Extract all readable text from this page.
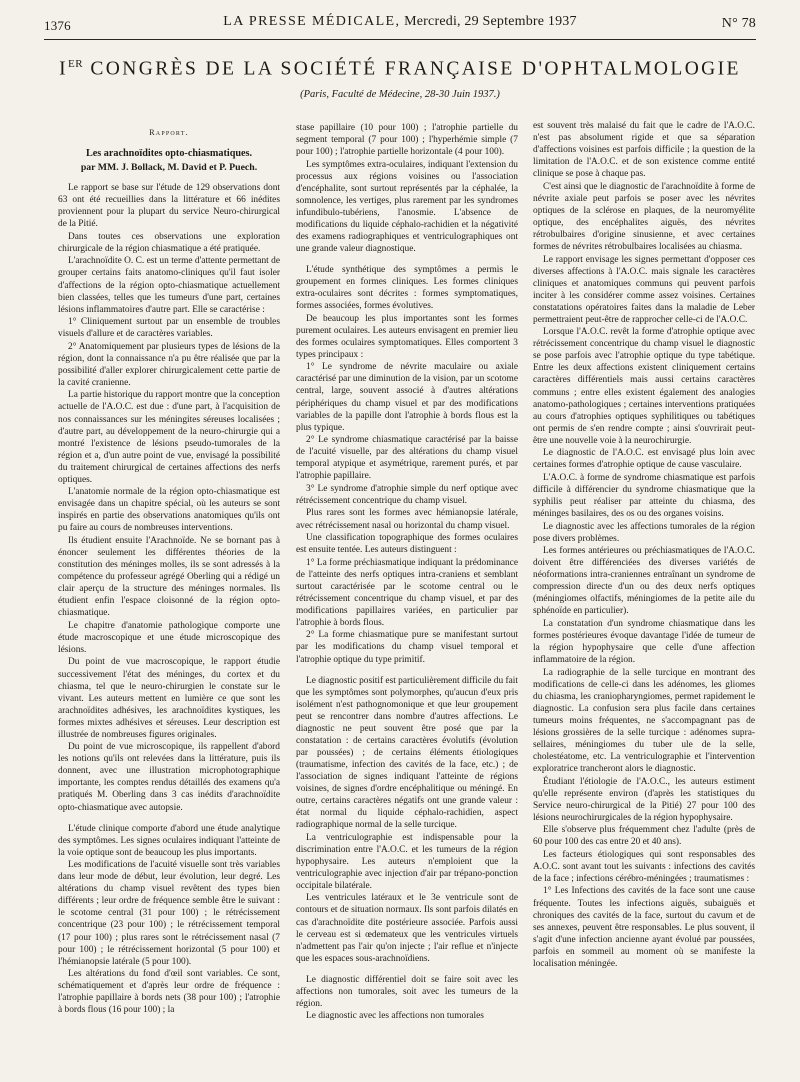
1376	LA PRESSE MÉDICALE, Mercredi, 29 Septembre 1937	N° 78
IER CONGRÈS DE LA SOCIÉTÉ FRANÇAISE D'OPHTALMOLOGIE
(Paris, Faculté de Médecine, 28-30 Juin 1937.)

Rapport.

Les arachnoïdites opto-chiasmatiques.

par MM. J. Bollack, M. David et P. Puech.

Le rapport se base sur l'étude de 129 observations dont 63 ont été recueillies dans la littérature et 66 inédites proviennent pour la plupart du service Neuro-chirurgical de la Pitié.

Dans toutes ces observations une exploration chirurgicale de la région chiasmatique a été pratiquée.

L'arachnoïdite O. C. est un terme d'attente permettant de grouper certains faits anatomo-cliniques qu'il faut isoler d'affections de la région opto-chiasmatique actuellement bien classées, telles que les tumeurs d'une part, certaines lésions inflammatoires d'autre part. Elle se caractérise :

1° Cliniquement surtout par un ensemble de troubles visuels d'allure et de caractères variables.

2° Anatomiquement par plusieurs types de lésions de la région, dont la connaissance n'a pu être réalisée que par la possibilité d'aller explorer chirurgicalement cette partie de la cavité cranienne.

La partie historique du rapport montre que la conception actuelle de l'A.O.C. est due : d'une part, à l'acquisition de nos connaissances sur les méningites séreuses localisées ; d'autre part, au développement de la neuro-chirurgie qui a montré l'existence de lésions pseudo-tumorales de la région et a, d'un autre point de vue, envisagé la possibilité du traitement chirurgical de certaines affections des nerfs optiques.

L'anatomie normale de la région opto-chiasmatique est envisagée dans un chapitre spécial, où les auteurs se sont inspirés en partie des observations anatomiques qu'ils ont pu faire au cours de nombreuses interventions.

Ils étudient ensuite l'Arachnoïde. Ne se bornant pas à énoncer seulement les différentes théories de la constitution des méninges molles, ils se sont adressés à la compétence du professeur agrégé Oberling qui a rédigé un clair aperçu de la structure des méninges normales. Ils étudient enfin l'espace cloisonné de la région opto-chiasmatique.

Le chapitre d'anatomie pathologique comporte une étude macroscopique et une étude microscopique des lésions.

Du point de vue macroscopique, le rapport étudie successivement l'état des méninges, du cortex et du chiasma, tel que le neuro-chirurgien le constate sur le vivant. Les auteurs mettent en lumière ce que sont les arachnoïdites adhésives, les arachnoïdites kystiques, les formes mixtes adhésives et séreuses. Leur description est illustrée de nombreuses figures originales.

Du point de vue microscopique, ils rappellent d'abord les notions qu'ils ont relevées dans la littérature, puis ils donnent, avec une illustration microphotographique importante, les comptes rendus détaillés des examens qu'a pratiqués M. Oberling dans 3 cas inédits d'arachnoïdite opto-chiasmatique avec autopsie.

L'étude clinique comporte d'abord une étude analytique des symptômes. Les signes oculaires indiquant l'atteinte de la voie optique sont de beaucoup les plus importants.

Les modifications de l'acuité visuelle sont très variables dans leur mode de début, leur évolution, leur degré. Les altérations du champ visuel revêtent des types bien différents ; leur ordre de fréquence semble être le suivant : le scotome central (31 pour 100) ; le rétrécissement concentrique (23 pour 100) ; le rétrécissement temporal (17 pour 100) ; plus rares sont le rétrécissement nasal (7 pour 100) ; le rétrécissement horizontal (5 pour 100) et l'hémianopsie latérale (5 pour 100).

Les altérations du fond d'œil sont variables. Ce sont, schématiquement et d'après leur ordre de fréquence : l'atrophie papillaire à bords nets (38 pour 100) ; l'atrophie à bords flous (16 pour 100) ; la

stase papillaire (10 pour 100) ; l'atrophie partielle du segment temporal (7 pour 100) ; l'hyperhémie simple (7 pour 100) ; l'atrophie partielle horizontale (4 pour 100).

Les symptômes extra-oculaires, indiquant l'extension du processus aux régions voisines ou l'association d'encéphalite, sont surtout représentés par la céphalée, la somnolence, les vertiges, plus rarement par les syndromes infundibulo-tubériens, l'anosmie. L'absence de modifications du liquide céphalo-rachidien et la négativité des examens radiographiques et ventriculographiques ont une grande valeur diagnostique.

L'étude synthétique des symptômes a permis le groupement en formes cliniques. Les formes cliniques extra-oculaires sont décrites : formes symptomatiques, formes associées, formes évolutives.

De beaucoup les plus importantes sont les formes purement oculaires. Les auteurs envisagent en premier lieu des formes oculaires symptomatiques. Elles comportent 3 types principaux :

1° Le syndrome de névrite maculaire ou axiale caractérisé par une diminution de la vision, par un scotome central, large, souvent associé à d'autres altérations périphériques du champ visuel et par des modifications variables de la papille dont l'atrophie à bords flous est la plus typique.

2° Le syndrome chiasmatique caractérisé par la baisse de l'acuité visuelle, par des altérations du champ visuel temporal atypique et asymétrique, rarement purés, et par l'atrophie papillaire.

3° Le syndrome d'atrophie simple du nerf optique avec rétrécissement concentrique du champ visuel.

Plus rares sont les formes avec hémianopsie latérale, avec rétrécissement nasal ou horizontal du champ visuel.

Une classification topographique des formes oculaires est ensuite tentée. Les auteurs distinguent :

1° La forme préchiasmatique indiquant la prédominance de l'atteinte des nerfs optiques intra-craniens et semblant surtout caractérisée par le scotome central ou le rétrécissement concentrique du champ visuel, et par des modifications papillaires variées, en particulier par l'atrophie à bords flous.

2° La forme chiasmatique pure se manifestant surtout par les modifications du champ visuel temporal et l'atrophie optique du type primitif.

Le diagnostic positif est particulièrement difficile du fait que les symptômes sont polymorphes, qu'aucun d'eux pris isolément n'est pathognomonique et que leur groupement peut se rencontrer dans nombre d'autres affections. Le diagnostic ne peut souvent être posé que par la constatation : de certains caractères évolutifs (évolution par poussées) ; de certains éléments étiologiques (traumatisme, infection des cavités de la face, etc.) ; de l'association de signes indiquant l'atteinte de régions voisines, de signes d'ordre encéphalitique ou méningé. En outre, certains caractères négatifs ont une grande valeur : état normal du liquide céphalo-rachidien, aspect radiographique normal de la selle turcique.

La ventriculographie est indispensable pour la discrimination entre l'A.O.C. et les tumeurs de la région hypophysaire. Les auteurs n'emploient que la ventriculographie avec injection d'air par trépano-ponction occipitale bilatérale.

Les ventricules latéraux et le 3e ventricule sont de contours et de situation normaux. Ils sont parfois dilatés en cas d'arachnoïdite dite postérieure associée. Parfois aussi le cerveau est si œdemateux que les ventricules virtuels n'admettent pas l'air qu'on injecte ; l'air reflue et n'injecte que les espaces sous-arachnoïdiens.

Le diagnostic différentiel doit se faire soit avec les affections non tumorales, soit avec les tumeurs de la région.

Le diagnostic avec les affections non tumorales

est souvent très malaisé du fait que le cadre de l'A.O.C. n'est pas absolument rigide et que sa séparation d'affections voisines est parfois difficile ; la question de la limitation de l'A.O.C. et de son existence comme entité clinique se pose à chaque pas.

C'est ainsi que le diagnostic de l'arachnoïdite à forme de névrite axiale peut parfois se poser avec les névrites optiques de la sclérose en plaques, de la neuromyélite optique, des encéphalites aiguës, des névrites rétrobulbaires d'origine sinusienne, et avec certaines formes de névrites rétrobulbaires localisées au chiasma.

Le rapport envisage les signes permettant d'opposer ces diverses affections à l'A.O.C. mais signale les caractères cliniques et anatomiques communs qui peuvent parfois inciter à les considérer comme assez voisines. Certaines constatations opératoires faites dans la maladie de Leber permettraient peut-être de rapprocher celle-ci de l'A.O.C.

Lorsque l'A.O.C. revêt la forme d'atrophie optique avec rétrécissement concentrique du champ visuel le diagnostic se pose parfois avec l'atrophie optique du type tabétique. Entre les deux affections existent cliniquement certains caractères différentiels mais aussi certains caractères communs ; entre elles existent également des analogies anatomo-pathologiques ; certaines interventions pratiquées au cours d'atrophies optiques syphilitiques ou tabétiques ont permis de s'en rendre compte ; ainsi s'ouvrirait peut-être une nouvelle voie à la neurochirurgie.

Le diagnostic de l'A.O.C. est envisagé plus loin avec certaines formes d'atrophie optique de cause vasculaire.

L'A.O.C. à forme de syndrome chiasmatique est parfois difficile à différencier du syndrome chiasmatique que la syphilis peut réaliser par atteinte du chiasma, des méninges basilaires, des os ou des organes voisins.

Le diagnostic avec les affections tumorales de la région pose divers problèmes.

Les formes antérieures ou préchiasmatiques de l'A.O.C. doivent être différenciées des diverses variétés de néoformations intra-craniennes entraînant un syndrome de compression directe d'un ou des deux nerfs optiques (méningiomes olfactifs, méningiomes de la petite aile du sphénoïde en particulier).

La constatation d'un syndrome chiasmatique dans les formes postérieures évoque davantage l'idée de tumeur de la région hypophysaire que celle d'une affection inflammatoire de la région.

La radiographie de la selle turcique en montrant des modifications de celle-ci dans les adénomes, les gliomes du chiasma, les craniopharyngiomes, permet rapidement le diagnostic. La confusion sera plus facile dans certaines tumeurs moins fréquentes, ne s'accompagnant pas de lésions grossières de la selle turcique : adénomes supra-sellaires, méningiomes du tuber ule de la selle, cholestéatome, etc. La ventriculographie et l'intervention exploratrice trancheront alors le diagnostic.

Étudiant l'étiologie de l'A.O.C., les auteurs estiment qu'elle représente environ (d'après les statistiques du Service neuro-chirurgical de la Pitié) 27 pour 100 des lésions neurochirurgicales de la région hypophysaire.

Elle s'observe plus fréquemment chez l'adulte (près de 60 pour 100 des cas entre 20 et 40 ans).

Les facteurs étiologiques qui sont responsables des A.O.C. sont avant tout les suivants : infections des cavités de la face ; infections cérébro-méningées ; traumatismes :

1° Les Infections des cavités de la face sont une cause fréquente. Toutes les infections aiguës, subaiguës et chroniques des cavités de la face, surtout du cavum et de ses annexes, peuvent être responsables. Le plus souvent, il s'agit d'une infection ancienne ayant évolué par poussées, parfois en sommeil au moment où se manifeste la localisation méningée.
